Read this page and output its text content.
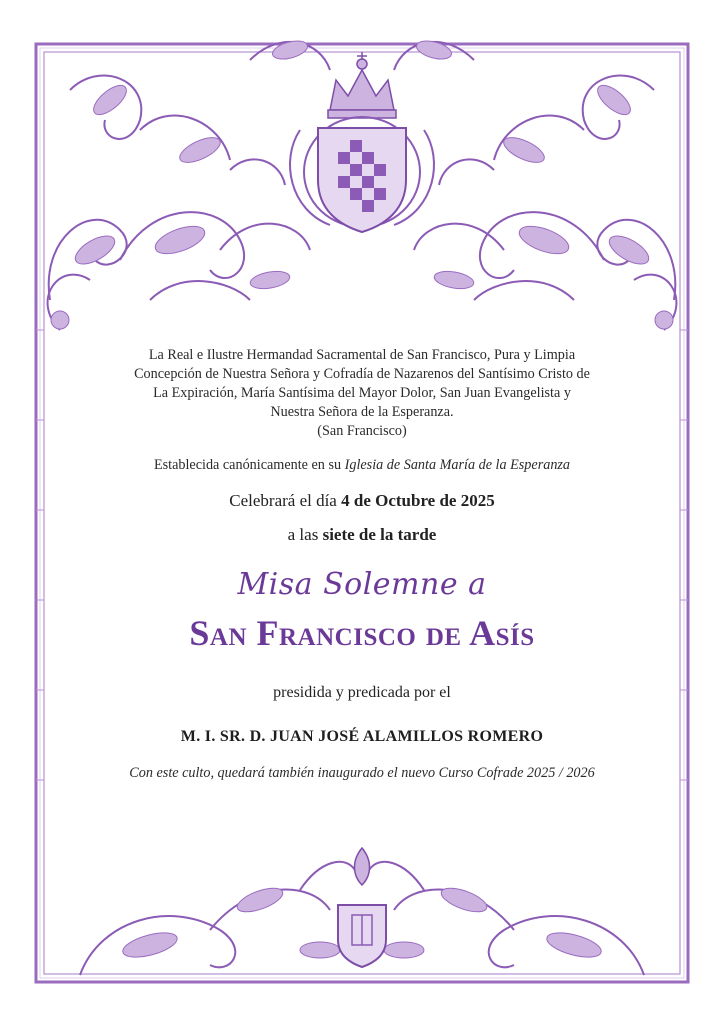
La Real e Ilustre Hermandad Sacramental de San Francisco, Pura y Limpia
Concepción de Nuestra Señora y Cofradía de Nazarenos del Santísimo Cristo de
La Expiración, María Santísima del Mayor Dolor, San Juan Evangelista y
Nuestra Señora de la Esperanza.
(San Francisco)
Establecida canónicamente en su Iglesia de Santa María de la Esperanza
Celebrará el día 4 de Octubre de 2025
a las siete de la tarde
Misa Solemne a
San Francisco de Asís
presidida y predicada por el
M. I. SR. D. JUAN JOSÉ ALAMILLOS ROMERO
Con este culto, quedará también inaugurado el nuevo Curso Cofrade 2025 / 2026
